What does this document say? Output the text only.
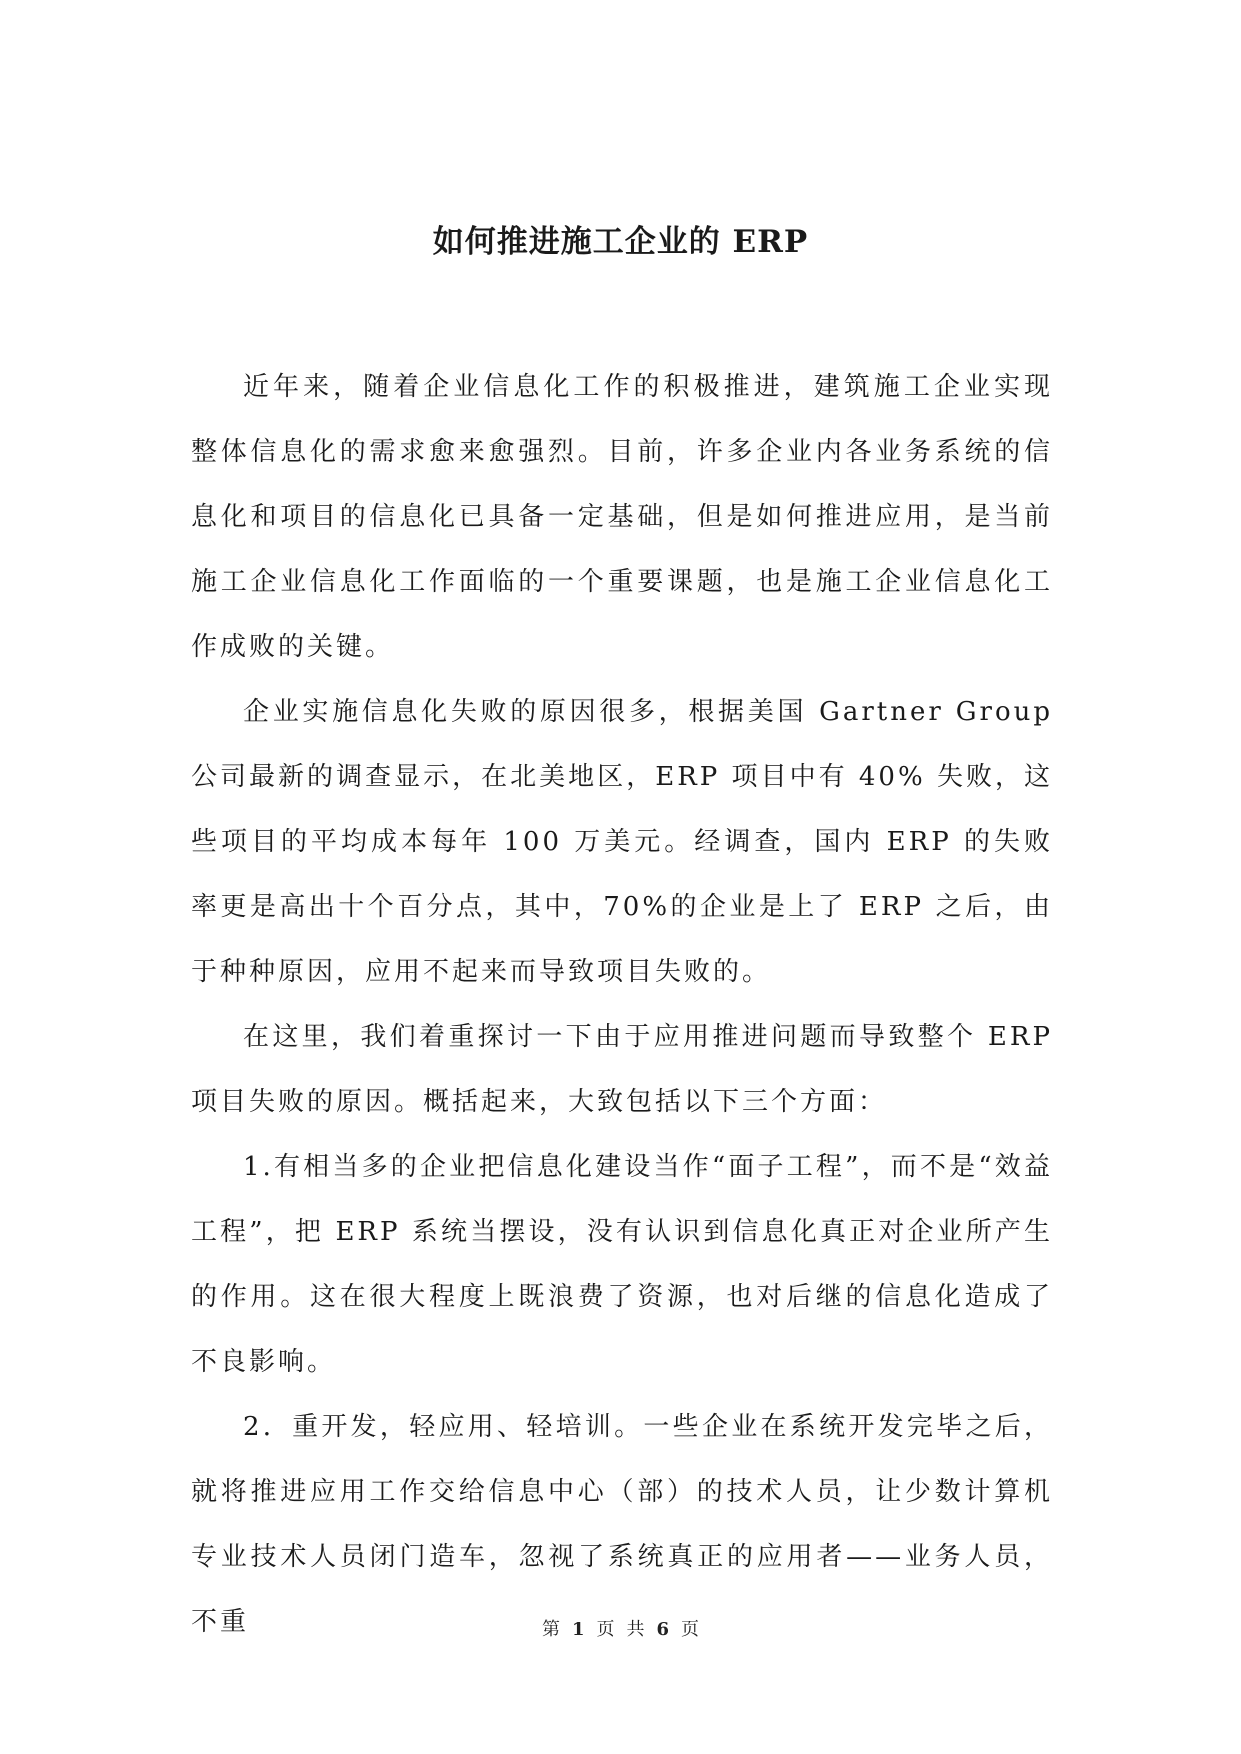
如何推进施工企业的 ERP

近年来，随着企业信息化工作的积极推进，建筑施工企业实现整体信息化的需求愈来愈强烈。目前，许多企业内各业务系统的信息化和项目的信息化已具备一定基础，但是如何推进应用，是当前施工企业信息化工作面临的一个重要课题，也是施工企业信息化工作成败的关键。

企业实施信息化失败的原因很多，根据美国 Gartner Group 公司最新的调查显示，在北美地区，ERP 项目中有 40% 失败，这些项目的平均成本每年 100 万美元。经调查，国内 ERP 的失败率更是高出十个百分点，其中，70%的企业是上了 ERP 之后，由于种种原因，应用不起来而导致项目失败的。

在这里，我们着重探讨一下由于应用推进问题而导致整个 ERP 项目失败的原因。概括起来，大致包括以下三个方面：

1.有相当多的企业把信息化建设当作“面子工程”，而不是“效益工程”，把 ERP 系统当摆设，没有认识到信息化真正对企业所产生的作用。这在很大程度上既浪费了资源，也对后继的信息化造成了不良影响。

2．重开发，轻应用、轻培训。一些企业在系统开发完毕之后，就将推进应用工作交给信息中心（部）的技术人员，让少数计算机专业技术人员闭门造车，忽视了系统真正的应用者——业务人员，不重	第 1 页 共 6 页
